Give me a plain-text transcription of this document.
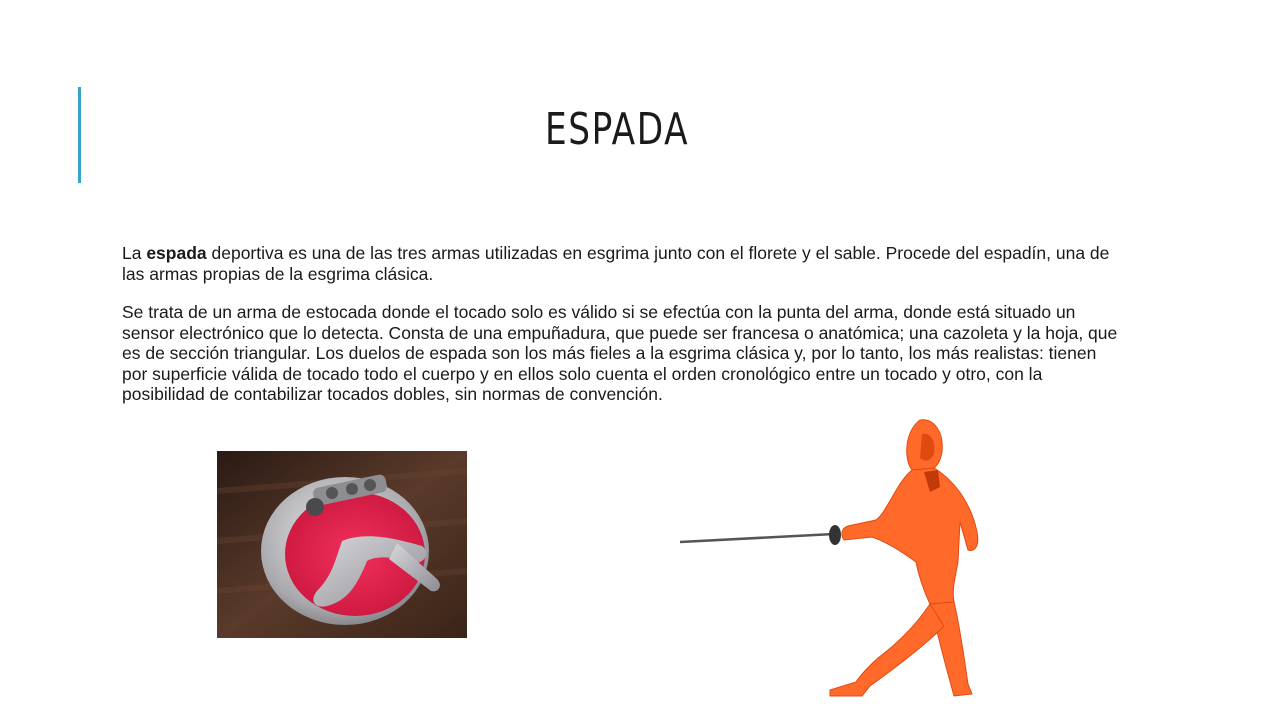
ESPADA

La espada deportiva es una de las tres armas utilizadas en esgrima junto con el florete y el sable. Procede del espadín, una de las armas propias de la esgrima clásica.

Se trata de un arma de estocada donde el tocado solo es válido si se efectúa con la punta del arma, donde está situado un sensor electrónico que lo detecta. Consta de una empuñadura, que puede ser francesa o anatómica; una cazoleta y la hoja, que es de sección triangular. Los duelos de espada son los más fieles a la esgrima clásica y, por lo tanto, los más realistas: tienen por superficie válida de tocado todo el cuerpo y en ellos solo cuenta el orden cronológico entre un tocado y otro, con la posibilidad de contabilizar tocados dobles, sin normas de convención.
